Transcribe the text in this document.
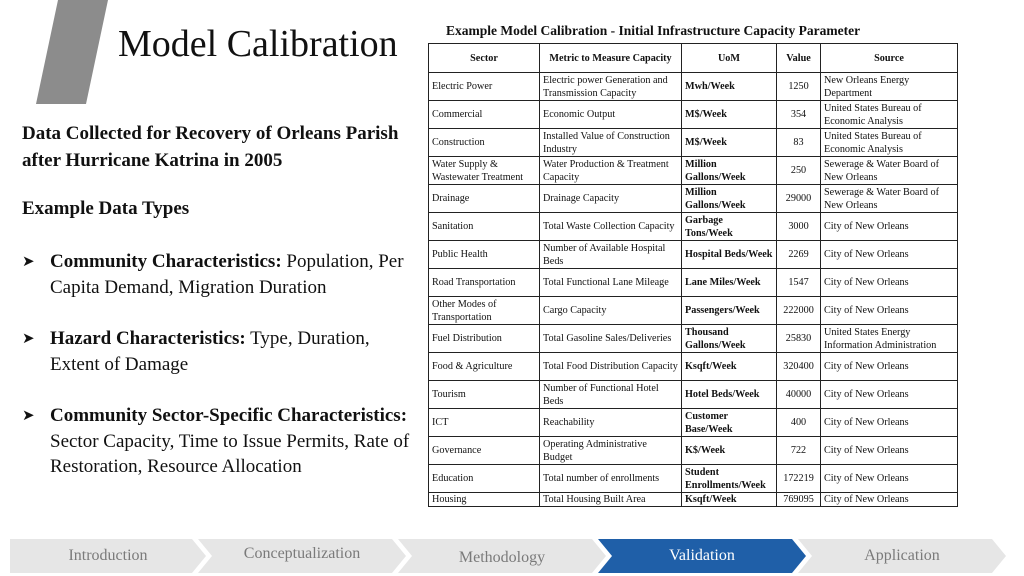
Model Calibration
Data Collected for Recovery of Orleans Parish after Hurricane Katrina in 2005
Example Data Types
➤ Community Characteristics: Population, Per Capita Demand, Migration Duration
➤ Hazard Characteristics: Type, Duration, Extent of Damage
➤ Community Sector-Specific Characteristics: Sector Capacity, Time to Issue Permits, Rate of Restoration, Resource Allocation
Example Model Calibration - Initial Infrastructure Capacity Parameter
Sector	Metric to Measure Capacity	UoM	Value	Source
Electric Power	Electric power Generation and Transmission Capacity	Mwh/Week	1250	New Orleans Energy Department
Commercial	Economic Output	M$/Week	354	United States Bureau of Economic Analysis
Construction	Installed Value of Construction Industry	M$/Week	83	United States Bureau of Economic Analysis
Water Supply & Wastewater Treatment	Water Production & Treatment Capacity	Million Gallons/Week	250	Sewerage & Water Board of New Orleans
Drainage	Drainage Capacity	Million Gallons/Week	29000	Sewerage & Water Board of New Orleans
Sanitation	Total Waste Collection Capacity	Garbage Tons/Week	3000	City of New Orleans
Public Health	Number of Available Hospital Beds	Hospital Beds/Week	2269	City of New Orleans
Road Transportation	Total Functional Lane Mileage	Lane Miles/Week	1547	City of New Orleans
Other Modes of Transportation	Cargo Capacity	Passengers/Week	222000	City of New Orleans
Fuel Distribution	Total Gasoline Sales/Deliveries	Thousand Gallons/Week	25830	United States Energy Information Administration
Food & Agriculture	Total Food Distribution Capacity	Ksqft/Week	320400	City of New Orleans
Tourism	Number of Functional Hotel Beds	Hotel Beds/Week	40000	City of New Orleans
ICT	Reachability	Customer Base/Week	400	City of New Orleans
Governance	Operating Administrative Budget	K$/Week	722	City of New Orleans
Education	Total number of enrollments	Student Enrollments/Week	172219	City of New Orleans
Housing	Total Housing Built Area	Ksqft/Week	769095	City of New Orleans
Introduction	Conceptualization	Methodology	Validation	Application
